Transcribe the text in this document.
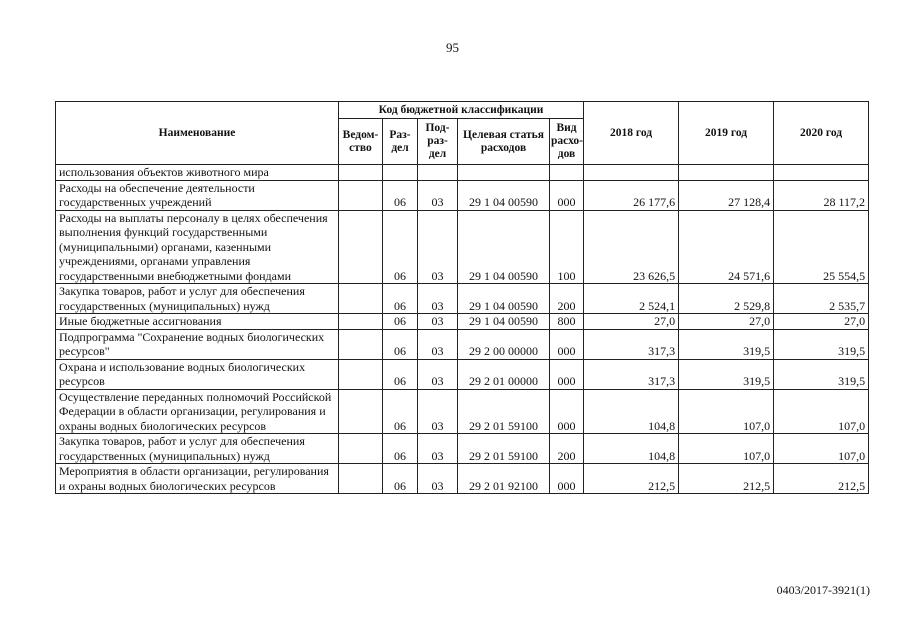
95
Наименование	Код бюджетной классификации					2018 год	2019 год	2020 год
	Ведом-ство	Раз-дел	Под-раз-дел	Целевая статья расходов	Вид расхо-дов			
использования объектов животного мира								
Расходы на обеспечение деятельности государственных учреждений		06	03	29 1 04 00590	000	26 177,6	27 128,4	28 117,2
Расходы на выплаты персоналу в целях обеспечения выполнения функций государственными (муниципальными) органами, казенными учреждениями, органами управления государственными внебюджетными фондами		06	03	29 1 04 00590	100	23 626,5	24 571,6	25 554,5
Закупка товаров, работ и услуг для обеспечения государственных (муниципальных) нужд		06	03	29 1 04 00590	200	2 524,1	2 529,8	2 535,7
Иные бюджетные ассигнования		06	03	29 1 04 00590	800	27,0	27,0	27,0
Подпрограмма "Сохранение водных биологических ресурсов"		06	03	29 2 00 00000	000	317,3	319,5	319,5
Охрана и использование водных биологических ресурсов		06	03	29 2 01 00000	000	317,3	319,5	319,5
Осуществление переданных полномочий Российской Федерации в области организации, регулирования и охраны водных биологических ресурсов		06	03	29 2 01 59100	000	104,8	107,0	107,0
Закупка товаров, работ и услуг для обеспечения государственных (муниципальных) нужд		06	03	29 2 01 59100	200	104,8	107,0	107,0
Мероприятия в области организации, регулирования и охраны водных биологических ресурсов		06	03	29 2 01 92100	000	212,5	212,5	212,5
0403/2017-3921(1)
